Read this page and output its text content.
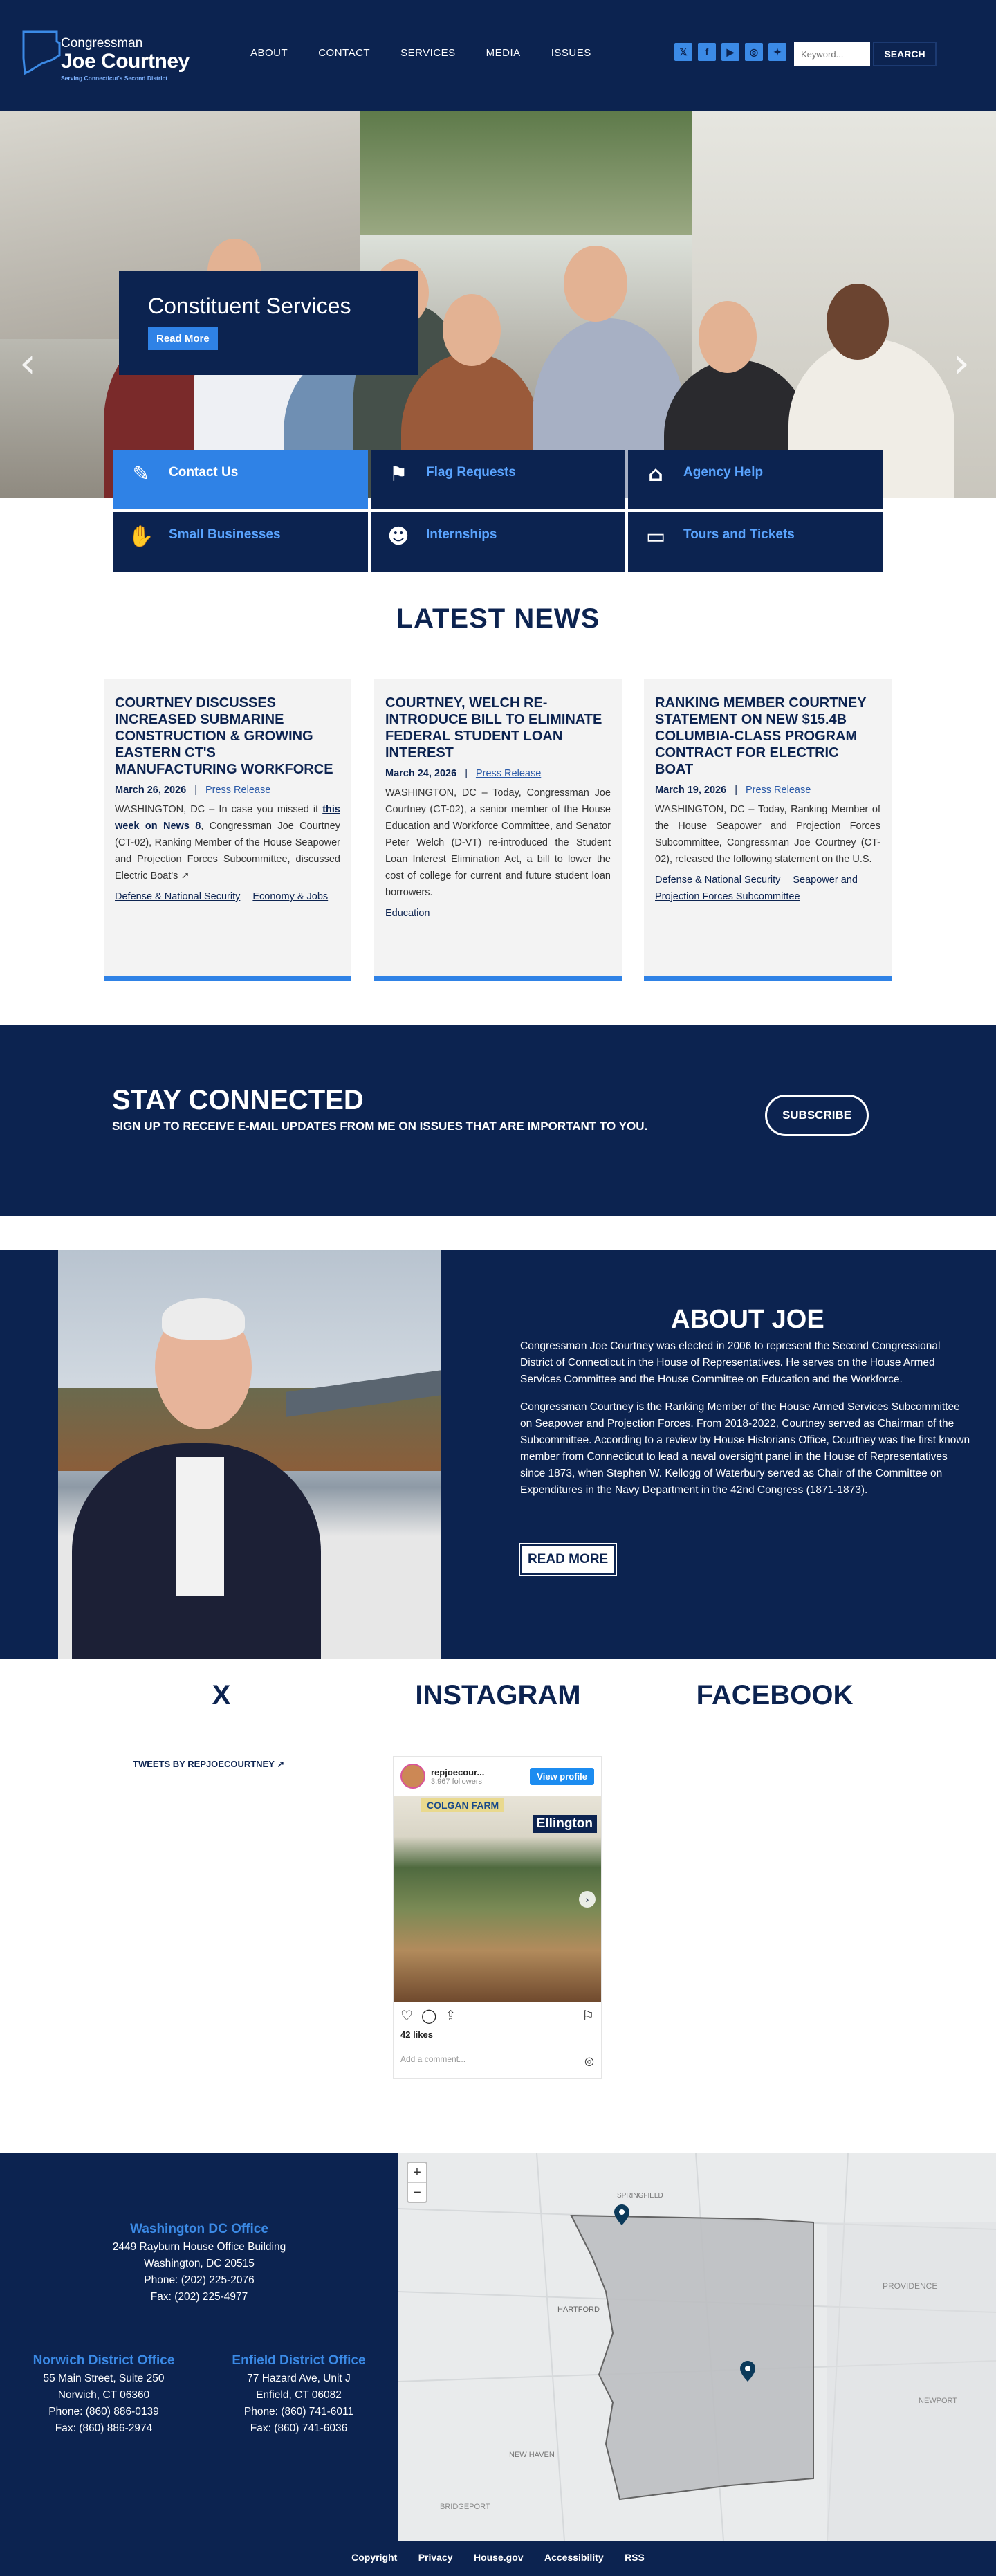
Congressman
Joe Courtney
Serving Connecticut's Second District
ABOUT	CONTACT	SERVICES	MEDIA	ISSUES	𝕏	f	▶	◎	✦
Keyword...	SEARCH
‹	›
Constituent Services
Read More
✎	Contact Us	⚑	Flag Requests	⌂	Agency Help
✋ Small Businesses	☻ Internships	▭	Tours and Tickets
LATEST NEWS
COURTNEY DISCUSSES INCREASED SUBMARINE CONSTRUCTION & GROWING EASTERN CT'S MANUFACTURING WORKFORCE
March 26, 2026 | Press Release

WASHINGTON, DC – In case you missed it this week on News 8, Congressman Joe Courtney (CT-02), Ranking Member of the House Seapower and Projection Forces Subcommittee, discussed Electric Boat's ↗

Defense & National Security Economy & Jobs
COURTNEY, WELCH RE-INTRODUCE BILL TO ELIMINATE FEDERAL STUDENT LOAN INTEREST
March 24, 2026 | Press Release

WASHINGTON, DC – Today, Congressman Joe Courtney (CT-02), a senior member of the House Education and Workforce Committee, and Senator Peter Welch (D-VT) re-introduced the Student Loan Interest Elimination Act, a bill to lower the cost of college for current and future student loan borrowers.

Education
RANKING MEMBER COURTNEY STATEMENT ON NEW $15.4B COLUMBIA-CLASS PROGRAM CONTRACT FOR ELECTRIC BOAT
March 19, 2026 | Press Release

WASHINGTON, DC – Today, Ranking Member of the House Seapower and Projection Forces Subcommittee, Congressman Joe Courtney (CT-02), released the following statement on the U.S.

Defense & National Security Seapower and Projection Forces Subcommittee
STAY CONNECTED

SIGN UP TO RECEIVE E-MAIL UPDATES FROM ME ON ISSUES THAT ARE IMPORTANT TO YOU.

SUBSCRIBE
ABOUT JOE

Congressman Joe Courtney was elected in 2006 to represent the Second Congressional District of Connecticut in the House of Representatives. He serves on the House Armed Services Committee and the House Committee on Education and the Workforce.

Congressman Courtney is the Ranking Member of the House Armed Services Subcommittee on Seapower and Projection Forces. From 2018-2022, Courtney served as Chairman of the Subcommittee. According to a review by House Historians Office, Courtney was the first known member from Connecticut to lead a naval oversight panel in the House of Representatives since 1873, when Stephen W. Kellogg of Waterbury served as Chair of the Committee on Expenditures in the Navy Department in the 42nd Congress (1871-1873).

READ MORE
X	INSTAGRAM	FACEBOOK
TWEETS BY REPJOECOURTNEY ↗
repjoecour...
3,967 followers	View profile
COLGAN FARM
Ellington
›
♡ ◯ ⇪	⚐
42 likes
Add a comment...	◎
Washington DC Office
2449 Rayburn House Office Building
Washington, DC 20515
Phone: (202) 225-2076
Fax: (202) 225-4977
Norwich District Office
55 Main Street, Suite 250
Norwich, CT 06360
Phone: (860) 886-0139
Fax: (860) 886-2974
Enfield District Office
77 Hazard Ave, Unit J
Enfield, CT 06082
Phone: (860) 741-6011
Fax: (860) 741-6036
SPRINGFIELD
HARTFORD
PROVIDENCE
NEW HAVEN
NEWPORT
BRIDGEPORT
+
−
Copyright Privacy House.gov Accessibility RSS
